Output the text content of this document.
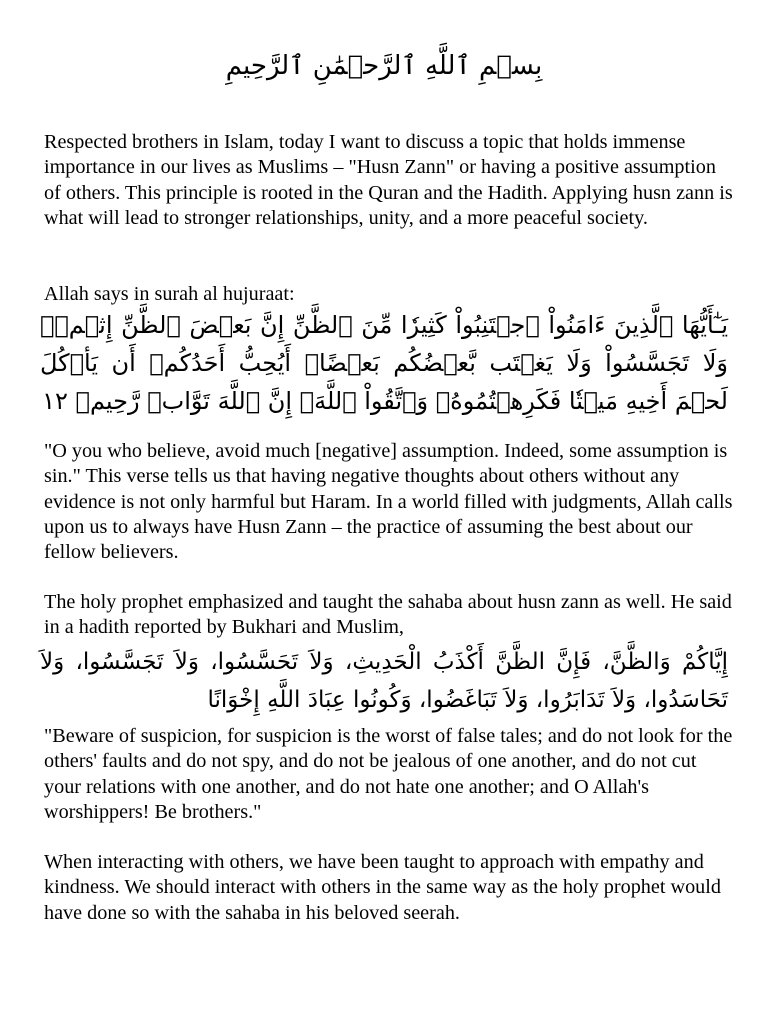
بِسۡمِ ٱللَّهِ ٱلرَّحۡمَٰنِ ٱلرَّحِيمِ

Respected brothers in Islam, today I want to discuss a topic that holds immense importance in our lives as Muslims – "Husn Zann" or having a positive assumption of others. This principle is rooted in the Quran and the Hadith. Applying husn zann is what will lead to stronger relationships, unity, and a more peaceful society.

Allah says in surah al hujuraat:

يَـٰٓأَيُّهَا ٱلَّذِينَ ءَامَنُواْ ٱجۡتَنِبُواْ كَثِيرٗا مِّنَ ٱلظَّنِّ إِنَّ بَعۡضَ ٱلظَّنِّ إِثۡمٞۖ وَلَا تَجَسَّسُواْ وَلَا يَغۡتَب بَّعۡضُكُم بَعۡضًاۚ أَيُحِبُّ أَحَدُكُمۡ أَن يَأۡكُلَ لَحۡمَ أَخِيهِ مَيۡتٗا فَكَرِهۡتُمُوهُۚ وَٱتَّقُواْ ٱللَّهَۚ إِنَّ ٱللَّهَ تَوَّابٞ رَّحِيمٞ ١٢

"O you who believe, avoid much [negative] assumption. Indeed, some assumption is sin." This verse tells us that having negative thoughts about others without any evidence is not only harmful but Haram. In a world filled with judgments, Allah calls upon us to always have Husn Zann – the practice of assuming the best about our fellow believers.

The holy prophet emphasized and taught the sahaba about husn zann as well. He said in a hadith reported by Bukhari and Muslim,

إِيَّاكُمْ وَالظَّنَّ، فَإِنَّ الظَّنَّ أَكْذَبُ الْحَدِيثِ، وَلاَ تَحَسَّسُوا، وَلاَ تَجَسَّسُوا، وَلاَ تَحَاسَدُوا، وَلاَ تَدَابَرُوا، وَلاَ تَبَاغَضُوا، وَكُونُوا عِبَادَ اللَّهِ إِخْوَانًا

"Beware of suspicion, for suspicion is the worst of false tales; and do not look for the others' faults and do not spy, and do not be jealous of one another, and do not cut your relations with one another, and do not hate one another; and O Allah's worshippers! Be brothers."

When interacting with others, we have been taught to approach with empathy and kindness. We should interact with others in the same way as the holy prophet would have done so with the sahaba in his beloved seerah.
